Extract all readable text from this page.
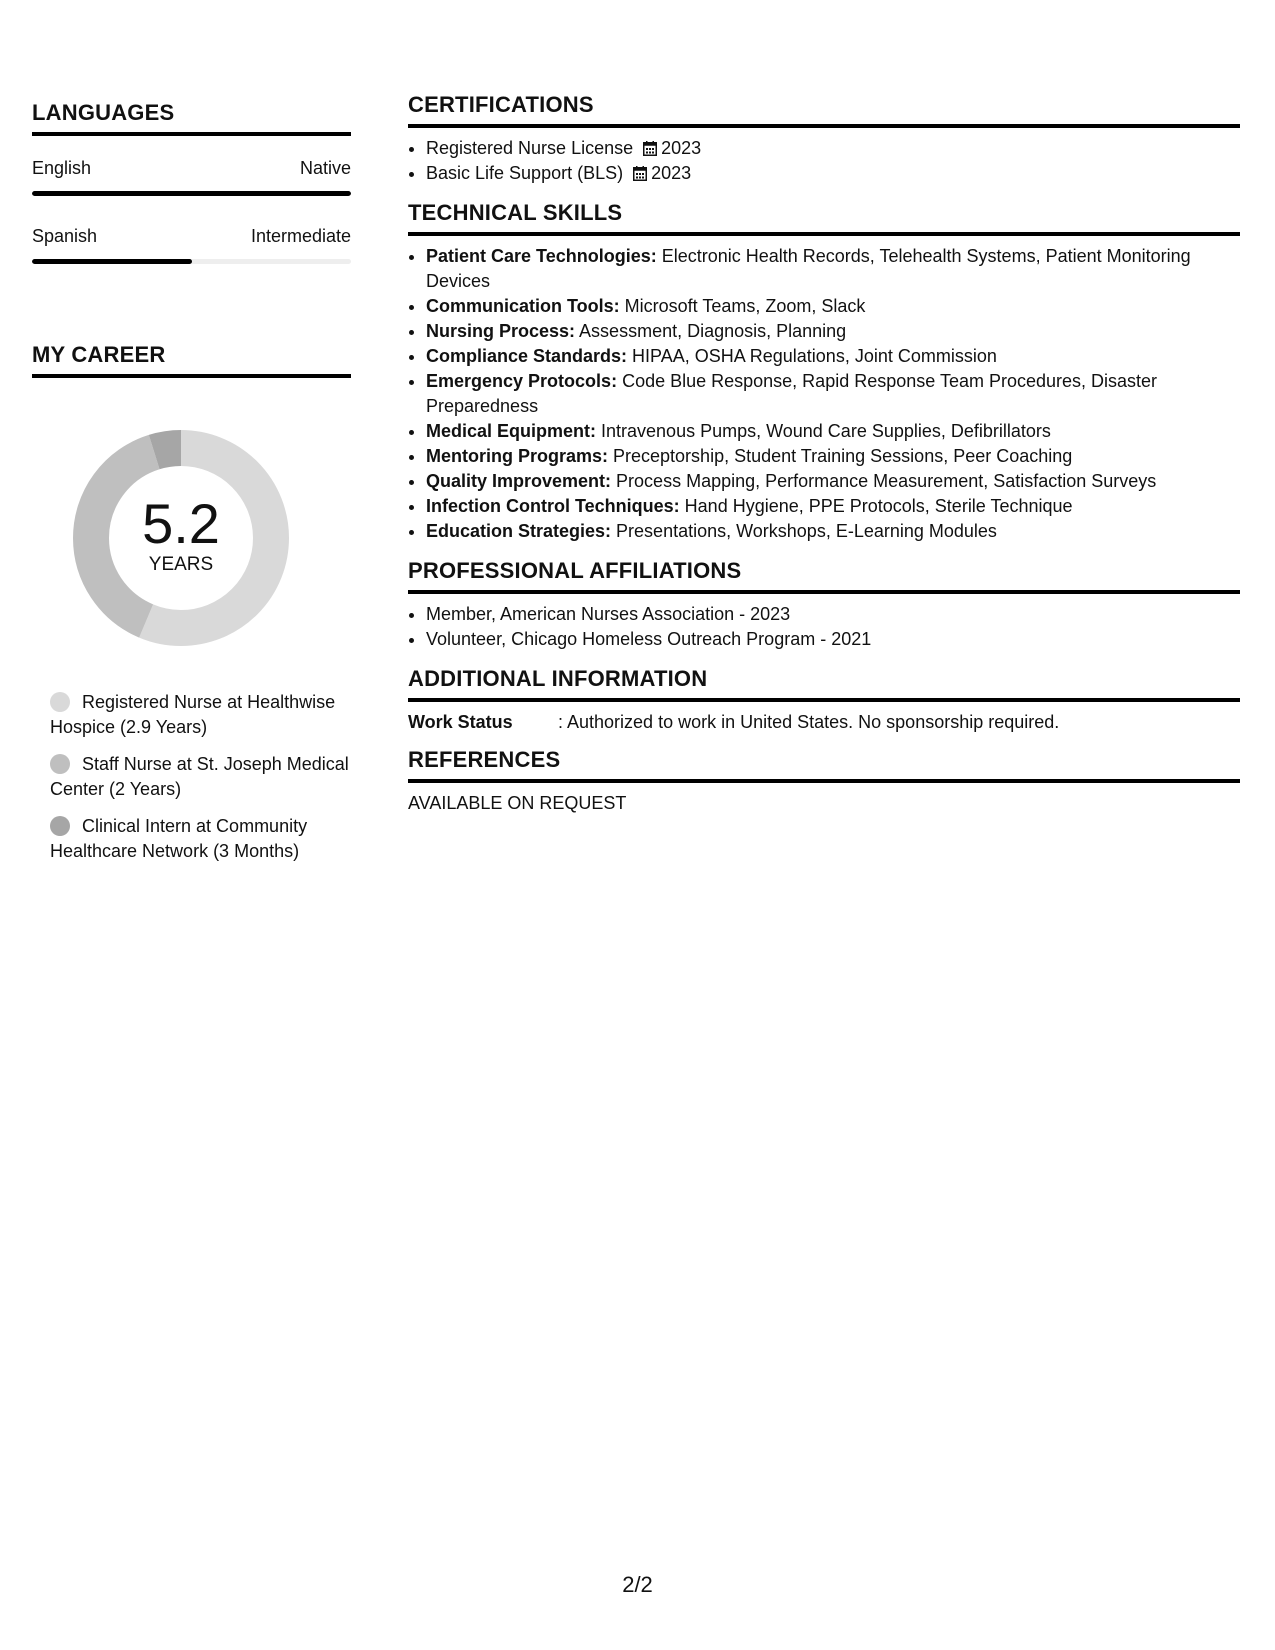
LANGUAGES
English	Native
Spanish	Intermediate
MY CAREER
5.2
YEARS
Registered Nurse at Healthwise Hospice (2.9 Years)
Staff Nurse at St. Joseph Medical Center (2 Years)
Clinical Intern at Community Healthcare Network (3 Months)
CERTIFICATIONS
• Registered Nurse License 2023
• Basic Life Support (BLS) 2023
TECHNICAL SKILLS
• Patient Care Technologies: Electronic Health Records, Telehealth Systems, Patient Monitoring Devices
• Communication Tools: Microsoft Teams, Zoom, Slack
• Nursing Process: Assessment, Diagnosis, Planning
• Compliance Standards: HIPAA, OSHA Regulations, Joint Commission
• Emergency Protocols: Code Blue Response, Rapid Response Team Procedures, Disaster Preparedness
• Medical Equipment: Intravenous Pumps, Wound Care Supplies, Defibrillators
• Mentoring Programs: Preceptorship, Student Training Sessions, Peer Coaching
• Quality Improvement: Process Mapping, Performance Measurement, Satisfaction Surveys
• Infection Control Techniques: Hand Hygiene, PPE Protocols, Sterile Technique
• Education Strategies: Presentations, Workshops, E-Learning Modules
PROFESSIONAL AFFILIATIONS
• Member, American Nurses Association - 2023
• Volunteer, Chicago Homeless Outreach Program - 2021
ADDITIONAL INFORMATION
Work Status	: Authorized to work in United States. No sponsorship required.
REFERENCES
AVAILABLE ON REQUEST
2/2
